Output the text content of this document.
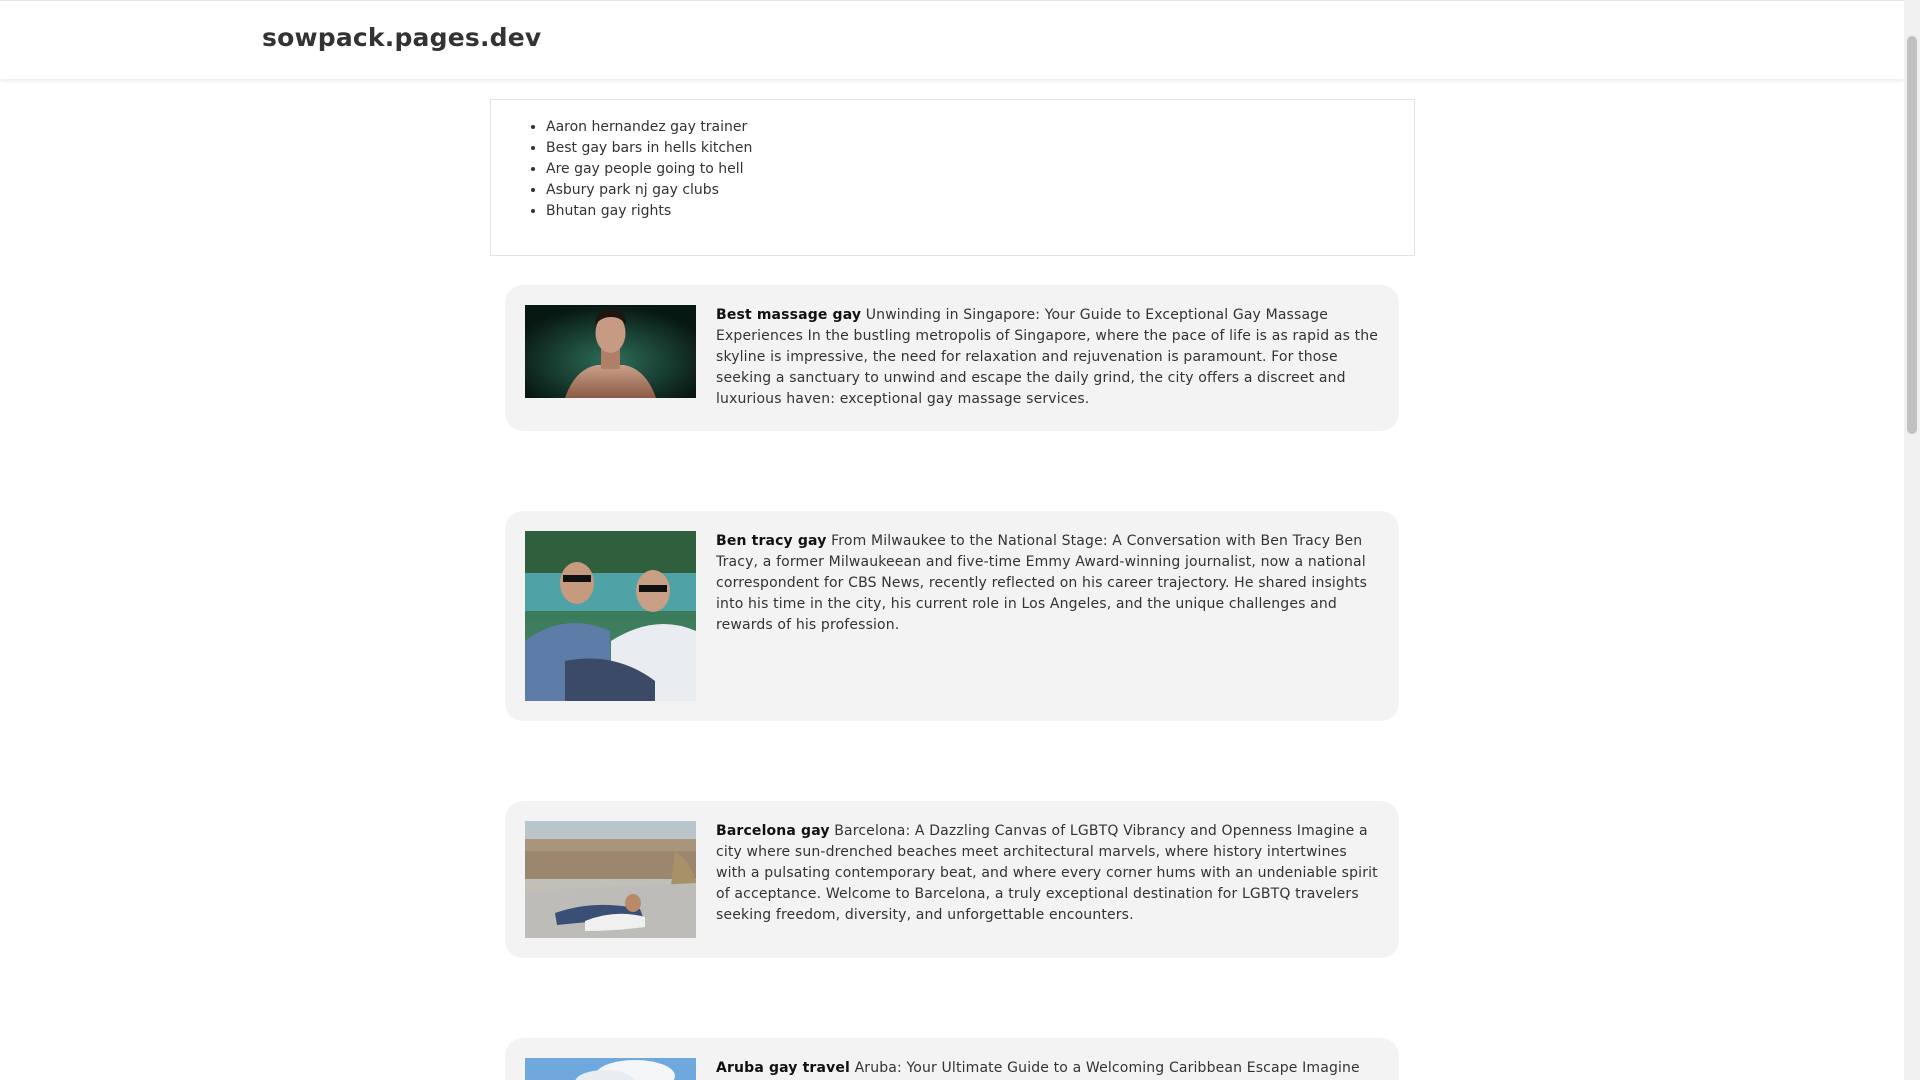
sowpack.pages.dev
• Aaron hernandez gay trainer
• Best gay bars in hells kitchen
• Are gay people going to hell
• Asbury park nj gay clubs
• Bhutan gay rights
Best massage gay Unwinding in Singapore: Your Guide to Exceptional Gay Massage Experiences In the bustling metropolis of Singapore, where the pace of life is as rapid as the skyline is impressive, the need for relaxation and rejuvenation is paramount. For those seeking a sanctuary to unwind and escape the daily grind, the city offers a discreet and luxurious haven: exceptional gay massage services.
Ben tracy gay From Milwaukee to the National Stage: A Conversation with Ben Tracy Ben Tracy, a former Milwaukeean and five-time Emmy Award-winning journalist, now a national correspondent for CBS News, recently reflected on his career trajectory. He shared insights into his time in the city, his current role in Los Angeles, and the unique challenges and rewards of his profession.
Barcelona gay Barcelona: A Dazzling Canvas of LGBTQ Vibrancy and Openness Imagine a city where sun-drenched beaches meet architectural marvels, where history intertwines with a pulsating contemporary beat, and where every corner hums with an undeniable spirit of acceptance. Welcome to Barcelona, a truly exceptional destination for LGBTQ travelers seeking freedom, diversity, and unforgettable encounters.
Aruba gay travel Aruba: Your Ultimate Guide to a Welcoming Caribbean Escape Imagine
